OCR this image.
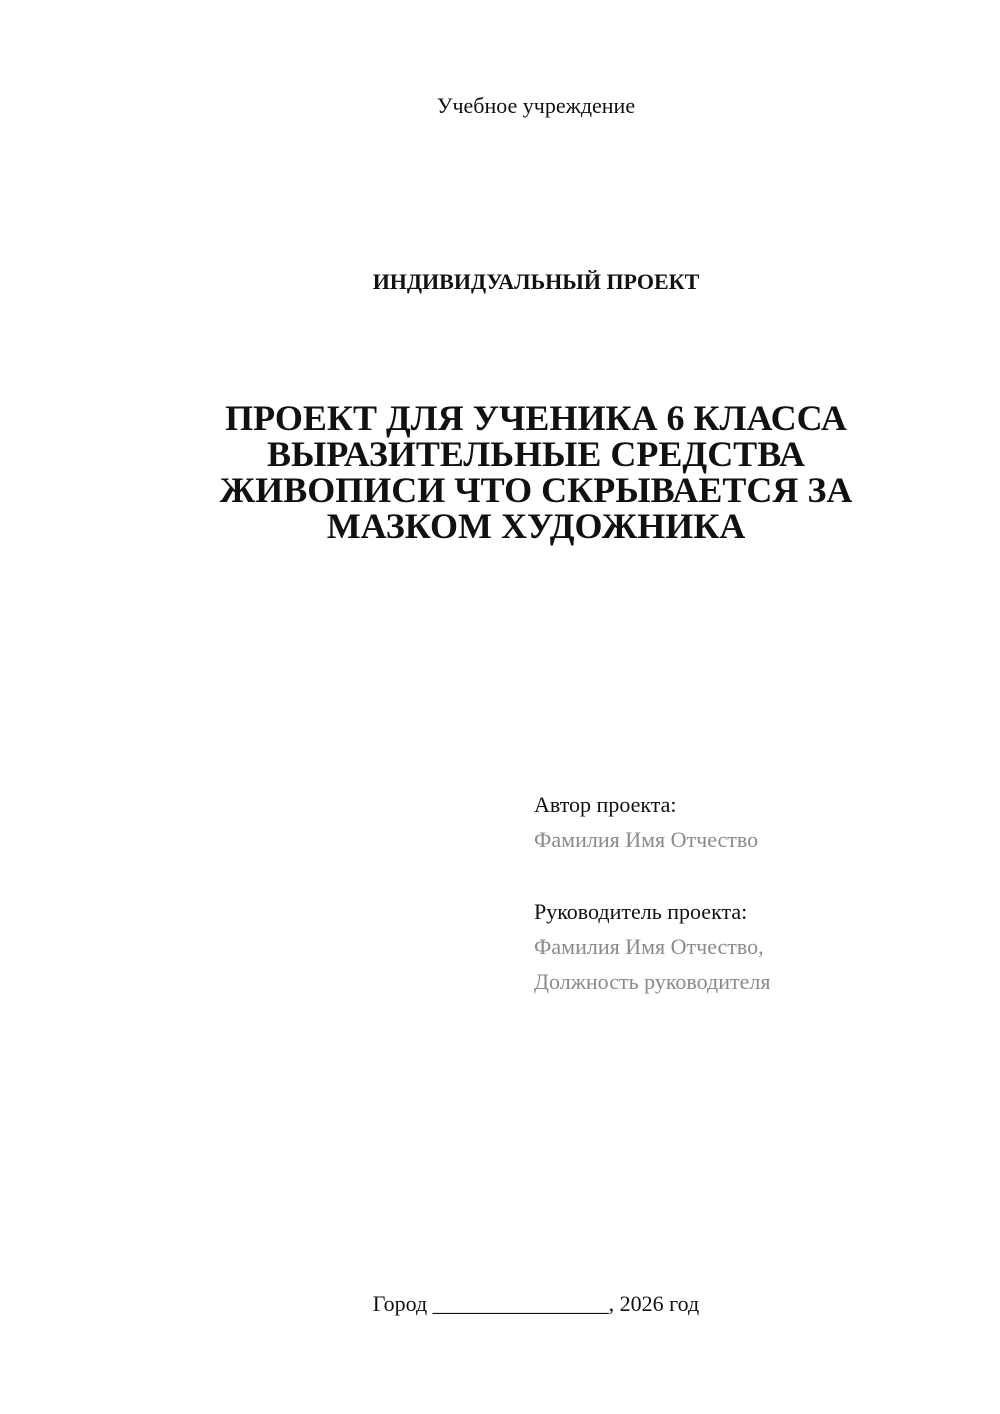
Учебное учреждение
ИНДИВИДУАЛЬНЫЙ ПРОЕКТ
ПРОЕКТ ДЛЯ УЧЕНИКА 6 КЛАССА
ВЫРАЗИТЕЛЬНЫЕ СРЕДСТВА
ЖИВОПИСИ ЧТО СКРЫВАЕТСЯ ЗА
МАЗКОМ ХУДОЖНИКА
Автор проекта:
Фамилия Имя Отчество
Руководитель проекта:
Фамилия Имя Отчество,
Должность руководителя
Город ________________, 2026 год
